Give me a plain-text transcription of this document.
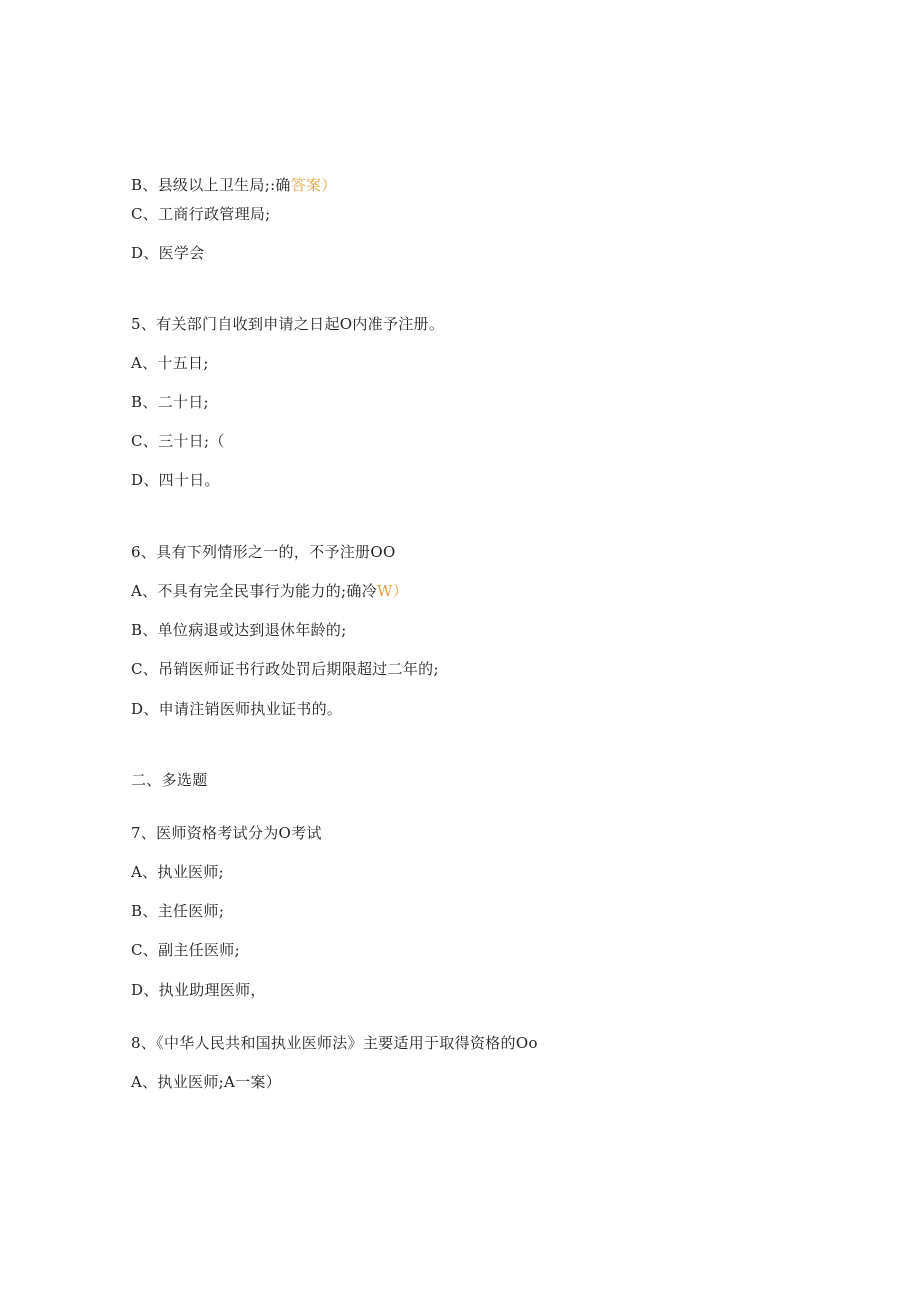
B、县级以上卫生局;:确答案）
C、工商行政管理局;
D、医学会
5、有关部门自收到申请之日起O内准予注册。
A、十五日;
B、二十日;
C、三十日;（
D、四十日。
6、具有下列情形之一的，不予注册OO
A、不具有完全民事行为能力的;确冷W）
B、单位病退或达到退休年龄的;
C、吊销医师证书行政处罚后期限超过二年的;
D、申请注销医师执业证书的。
二、多选题
7、医师资格考试分为O考试
A、执业医师;
B、主任医师;
C、副主任医师;
D、执业助理医师，
8、《中华人民共和国执业医师法》主要适用于取得资格的Oo
A、执业医师;A一案）
